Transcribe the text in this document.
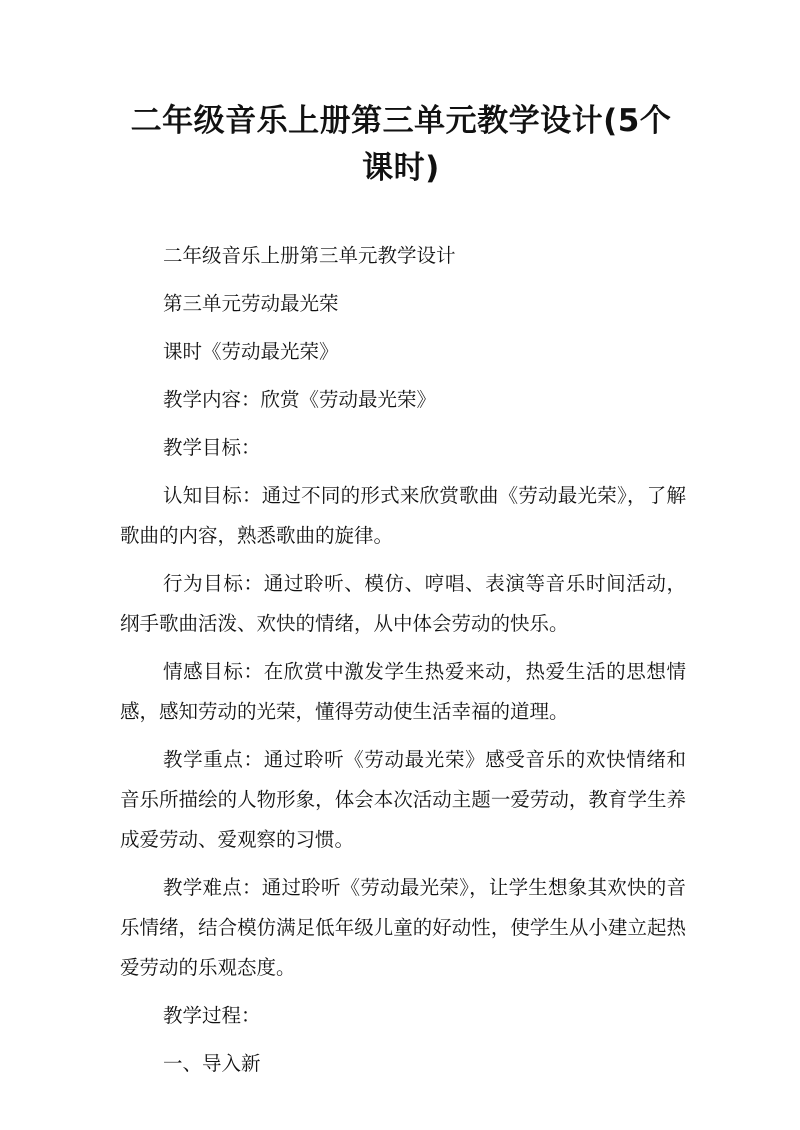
二年级音乐上册第三单元教学设计(5个课时)

二年级音乐上册第三单元教学设计

第三单元劳动最光荣

课时《劳动最光荣》

教学内容：欣赏《劳动最光荣》

教学目标：

认知目标：通过不同的形式来欣赏歌曲《劳动最光荣》，了解歌曲的内容，熟悉歌曲的旋律。

行为目标：通过聆听、模仿、哼唱、表演等音乐时间活动，纲手歌曲活泼、欢快的情绪，从中体会劳动的快乐。

情感目标：在欣赏中激发学生热爱来动，热爱生活的思想情感，感知劳动的光荣，懂得劳动使生活幸福的道理。

教学重点：通过聆听《劳动最光荣》感受音乐的欢快情绪和音乐所描绘的人物形象，体会本次活动主题一爱劳动，教育学生养成爱劳动、爱观察的习惯。

教学难点：通过聆听《劳动最光荣》，让学生想象其欢快的音乐情绪，结合模仿满足低年级儿童的好动性，使学生从小建立起热爱劳动的乐观态度。

教学过程：

一、导入新
